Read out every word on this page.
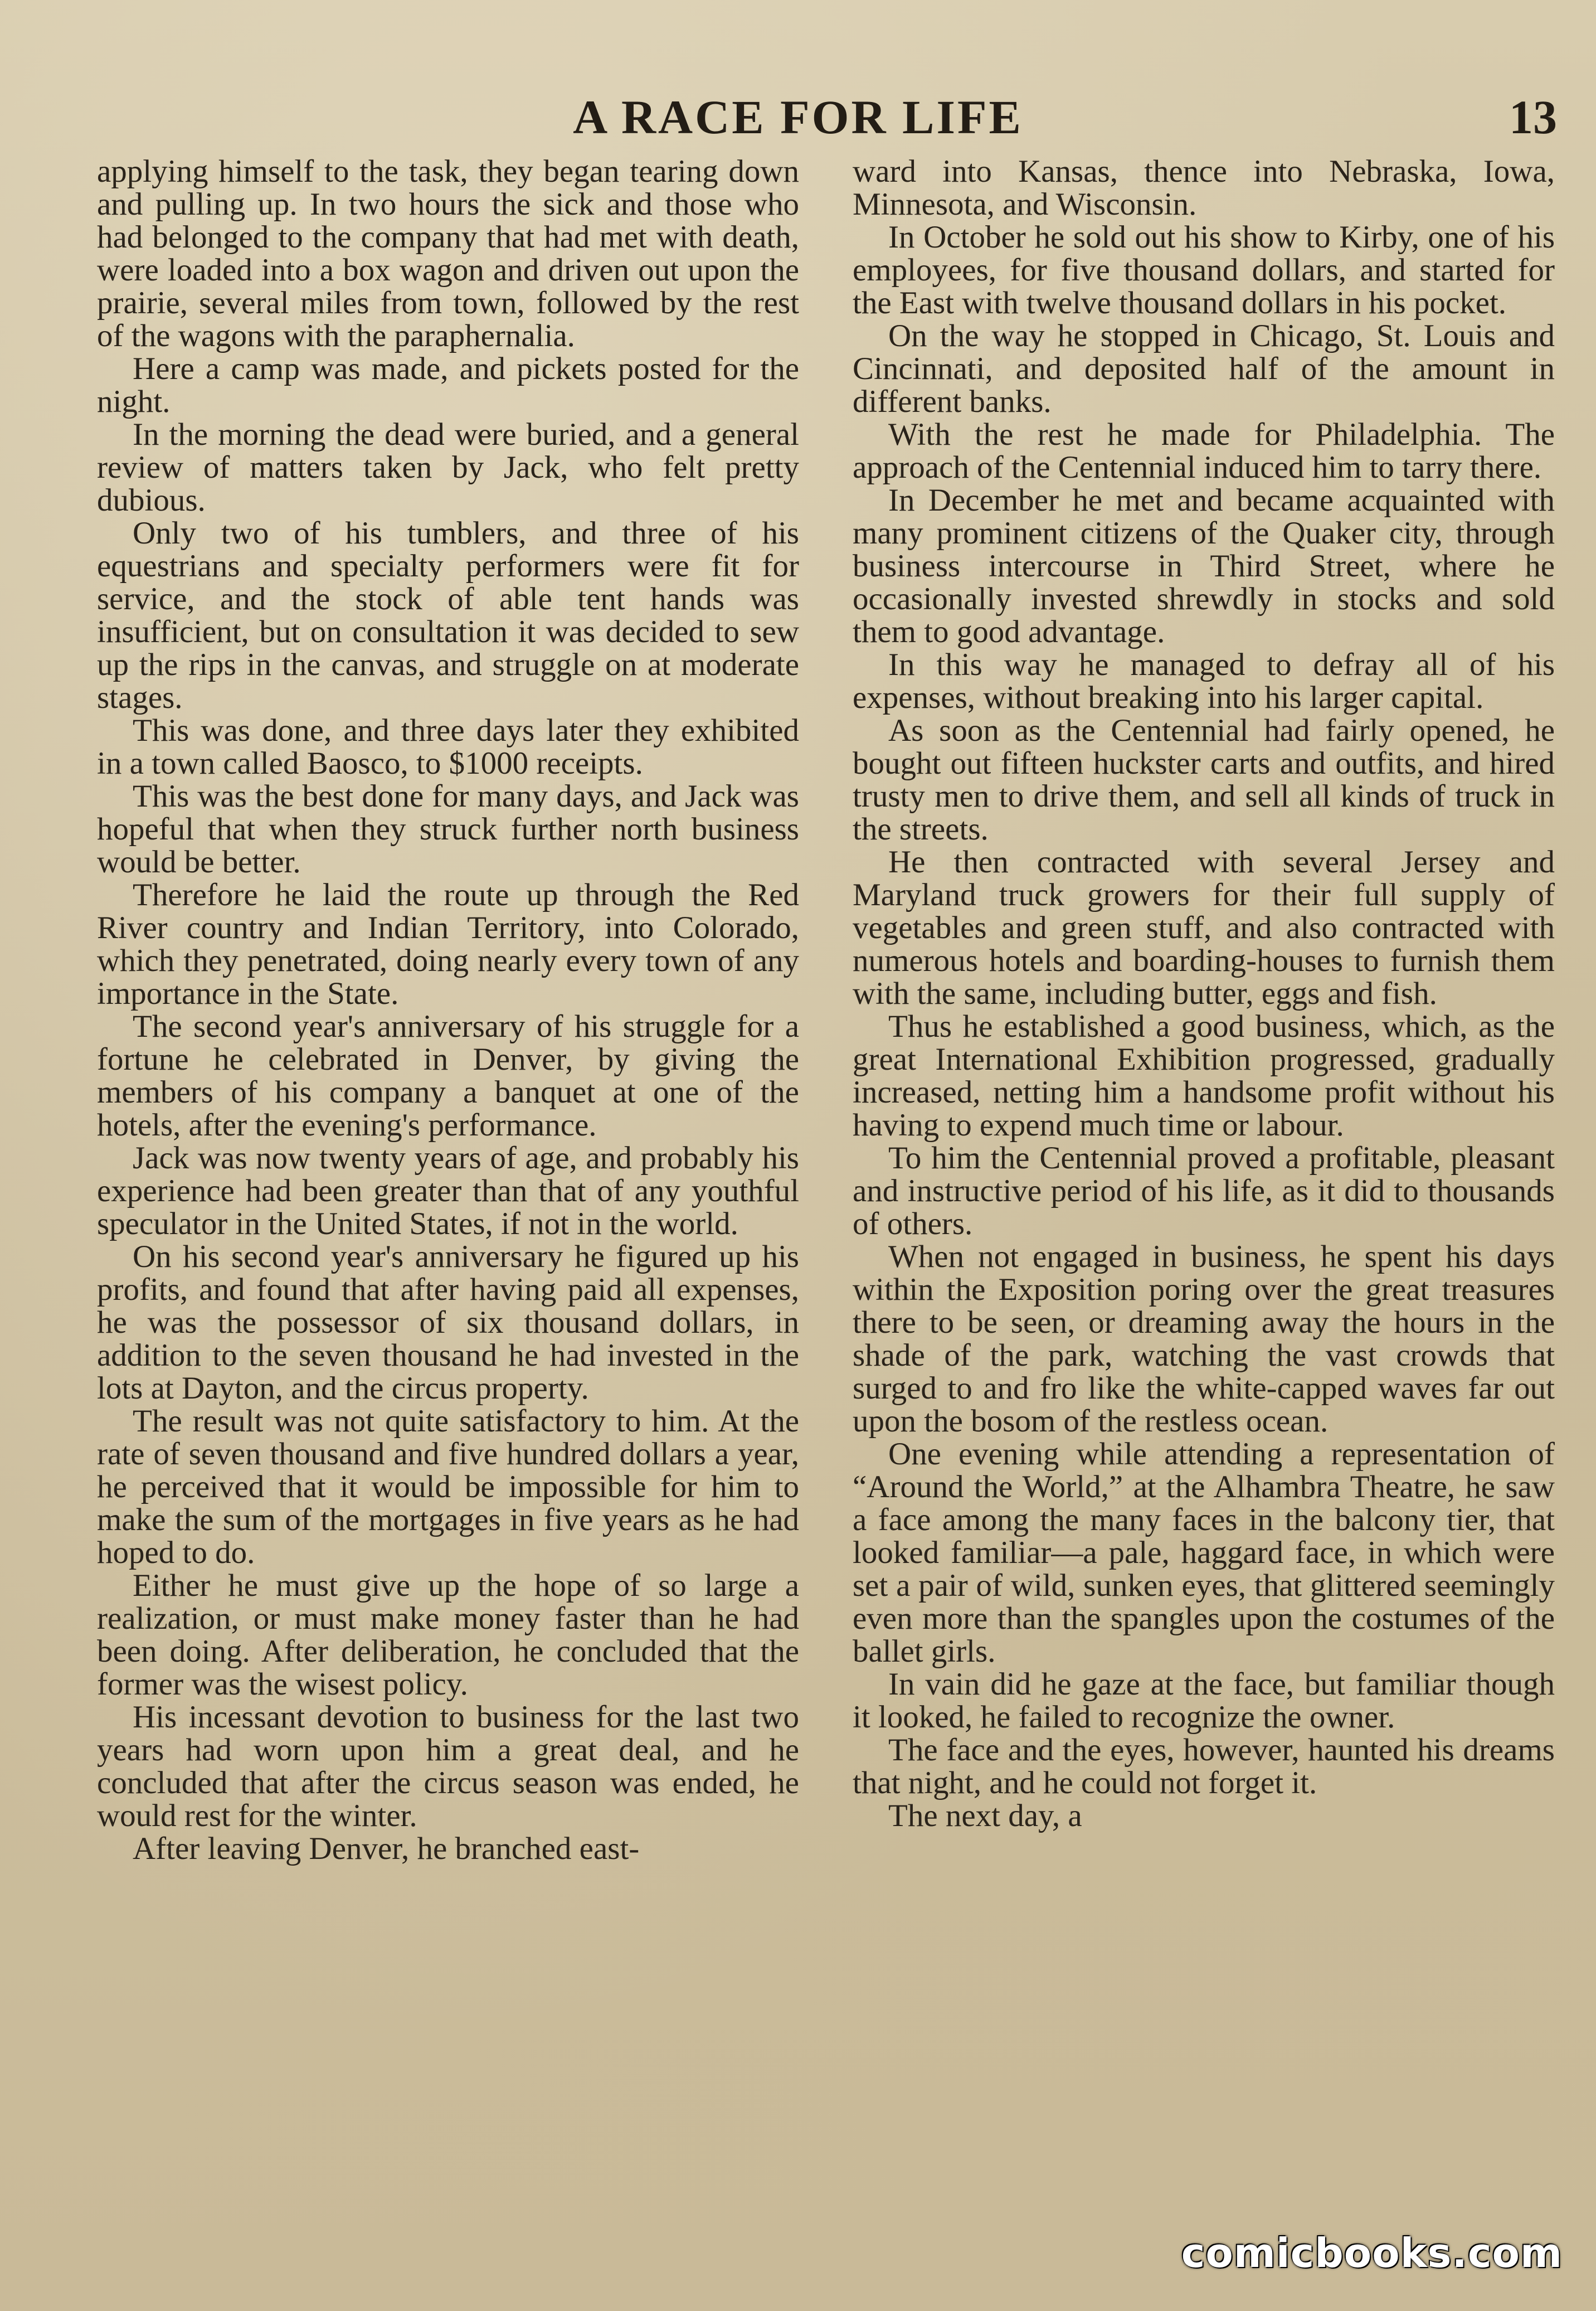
A RACE FOR LIFE	13

applying himself to the task, they began tearing down and pulling up. In two hours the sick and those who had belonged to the company that had met with death, were loaded into a box wagon and driven out upon the prairie, several miles from town, followed by the rest of the wagons with the paraphernalia.

Here a camp was made, and pickets posted for the night.

In the morning the dead were buried, and a general review of matters taken by Jack, who felt pretty dubious.

Only two of his tumblers, and three of his equestrians and specialty performers were fit for service, and the stock of able tent hands was insufficient, but on consultation it was decided to sew up the rips in the canvas, and struggle on at moderate stages.

This was done, and three days later they exhibited in a town called Baosco, to $1000 receipts.

This was the best done for many days, and Jack was hopeful that when they struck further north business would be better.

Therefore he laid the route up through the Red River country and Indian Territory, into Colorado, which they penetrated, doing nearly every town of any importance in the State.

The second year's anniversary of his struggle for a fortune he celebrated in Denver, by giving the members of his company a banquet at one of the hotels, after the evening's performance.

Jack was now twenty years of age, and probably his experience had been greater than that of any youthful speculator in the United States, if not in the world.

On his second year's anniversary he figured up his profits, and found that after having paid all expenses, he was the possessor of six thousand dollars, in addition to the seven thousand he had invested in the lots at Dayton, and the circus property.

The result was not quite satisfactory to him. At the rate of seven thousand and five hundred dollars a year, he perceived that it would be impossible for him to make the sum of the mortgages in five years as he had hoped to do.

Either he must give up the hope of so large a realization, or must make money faster than he had been doing. After deliberation, he concluded that the former was the wisest policy.

His incessant devotion to business for the last two years had worn upon him a great deal, and he concluded that after the circus season was ended, he would rest for the winter.

After leaving Denver, he branched east-

ward into Kansas, thence into Nebraska, Iowa, Minnesota, and Wisconsin.

In October he sold out his show to Kirby, one of his employees, for five thousand dollars, and started for the East with twelve thousand dollars in his pocket.

On the way he stopped in Chicago, St. Louis and Cincinnati, and deposited half of the amount in different banks.

With the rest he made for Philadelphia. The approach of the Centennial induced him to tarry there.

In December he met and became acquainted with many prominent citizens of the Quaker city, through business intercourse in Third Street, where he occasionally invested shrewdly in stocks and sold them to good advantage.

In this way he managed to defray all of his expenses, without breaking into his larger capital.

As soon as the Centennial had fairly opened, he bought out fifteen huckster carts and outfits, and hired trusty men to drive them, and sell all kinds of truck in the streets.

He then contracted with several Jersey and Maryland truck growers for their full supply of vegetables and green stuff, and also contracted with numerous hotels and boarding-houses to furnish them with the same, including butter, eggs and fish.

Thus he established a good business, which, as the great International Exhibition progressed, gradually increased, netting him a handsome profit without his having to expend much time or labour.

To him the Centennial proved a profitable, pleasant and instructive period of his life, as it did to thousands of others.

When not engaged in business, he spent his days within the Exposition poring over the great treasures there to be seen, or dreaming away the hours in the shade of the park, watching the vast crowds that surged to and fro like the white-capped waves far out upon the bosom of the restless ocean.

One evening while attending a representation of “Around the World,” at the Alhambra Theatre, he saw a face among the many faces in the balcony tier, that looked familiar—a pale, haggard face, in which were set a pair of wild, sunken eyes, that glittered seemingly even more than the spangles upon the costumes of the ballet girls.

In vain did he gaze at the face, but familiar though it looked, he failed to recognize the owner.

The face and the eyes, however, haunted his dreams that night, and he could not forget it.

The next day, a

comicbooks.com
